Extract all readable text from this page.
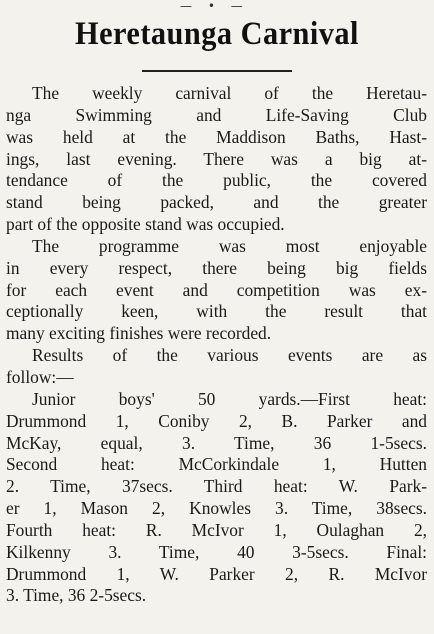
— • —
Heretaunga Carnival
The weekly carnival of the Heretau-
nga Swimming and Life-Saving Club
was held at the Maddison Baths, Hast-
ings, last evening. There was a big at-
tendance of the public, the covered
stand being packed, and the greater
part of the opposite stand was occupied.
The programme was most enjoyable
in every respect, there being big fields
for each event and competition was ex-
ceptionally keen, with the result that
many exciting finishes were recorded.
Results of the various events are as
follow:—
Junior boys' 50 yards.—First heat:
Drummond 1, Coniby 2, B. Parker and
McKay, equal, 3. Time, 36 1-5secs.
Second heat: McCorkindale 1, Hutten
2. Time, 37secs. Third heat: W. Park-
er 1, Mason 2, Knowles 3. Time, 38secs.
Fourth heat: R. McIvor 1, Oulaghan 2,
Kilkenny 3. Time, 40 3-5secs. Final:
Drummond 1, W. Parker 2, R. McIvor
3. Time, 36 2-5secs.
